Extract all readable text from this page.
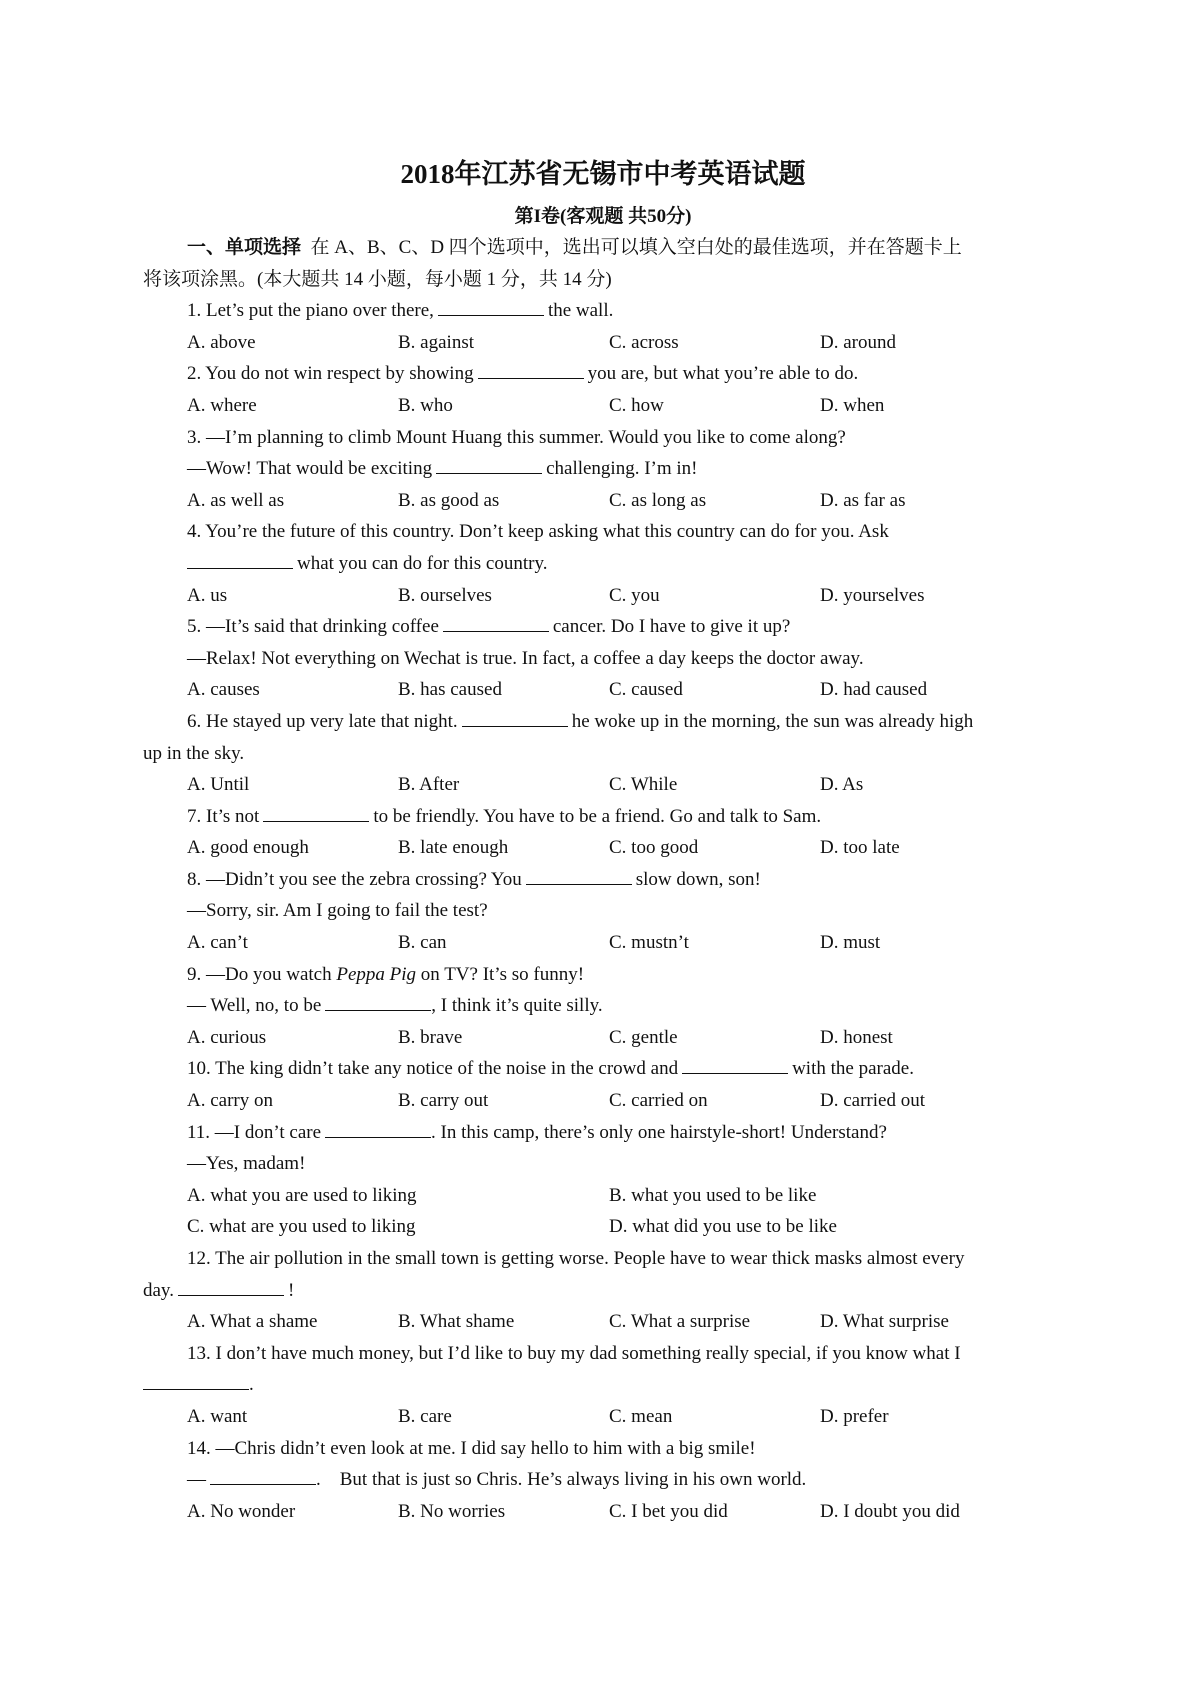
2018年江苏省无锡市中考英语试题
第I卷(客观题 共50分)
一、单项选择 在 A、B、C、D 四个选项中，选出可以填入空白处的最佳选项，并在答题卡上
将该项涂黑。(本大题共 14 小题，每小题 1 分，共 14 分)
1. Let’s put the piano over there,	the wall.
A. above	B. against	C. across	D. around
2. You do not win respect by showing	you are, but what you’re able to do.
A. where	B. who	C. how	D. when
3. —I’m planning to climb Mount Huang this summer. Would you like to come along?
—Wow! That would be exciting	challenging. I’m in!
A. as well as	B. as good as	C. as long as	D. as far as
4. You’re the future of this country. Don’t keep asking what this country can do for you. Ask
what you can do for this country.
A. us	B. ourselves	C. you	D. yourselves
5. —It’s said that drinking coffee	cancer. Do I have to give it up?
—Relax! Not everything on Wechat is true. In fact, a coffee a day keeps the doctor away.
A. causes	B. has caused	C. caused	D. had caused
6. He stayed up very late that night.	he woke up in the morning, the sun was already high
up in the sky.
A. Until	B. After	C. While	D. As
7. It’s not	to be friendly. You have to be a friend. Go and talk to Sam.
A. good enough	B. late enough	C. too good	D. too late
8. —Didn’t you see the zebra crossing? You	slow down, son!
—Sorry, sir. Am I going to fail the test?
A. can’t	B. can	C. mustn’t	D. must
9. —Do you watch Peppa Pig on TV? It’s so funny!
— Well, no, to be	, I think it’s quite silly.
A. curious	B. brave	C. gentle	D. honest
10. The king didn’t take any notice of the noise in the crowd and	with the parade.
A. carry on	B. carry out	C. carried on	D. carried out
11. —I don’t care	. In this camp, there’s only one hairstyle-short! Understand?
—Yes, madam!
A. what you are used to liking	B. what you used to be like
C. what are you used to liking	D. what did you use to be like
12. The air pollution in the small town is getting worse. People have to wear thick masks almost every
day.	!
A. What a shame	B. What shame	C. What a surprise	D. What surprise
13. I don’t have much money, but I’d like to buy my dad something really special, if you know what I
.
A. want	B. care	C. mean	D. prefer
14. —Chris didn’t even look at me. I did say hello to him with a big smile!
—	.    But that is just so Chris. He’s always living in his own world.
A. No wonder	B. No worries	C. I bet you did	D. I doubt you did
